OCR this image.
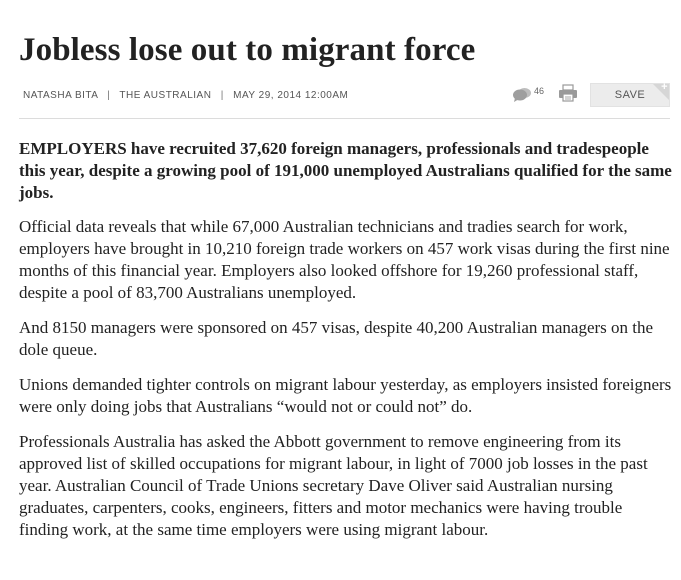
Jobless lose out to migrant force
NATASHA BITA | THE AUSTRALIAN | MAY 29, 2014 12:00AM	46	SAVE
+

EMPLOYERS have recruited 37,620 foreign managers, professionals and tradespeople this year, despite a growing pool of 191,000 unemployed Australians qualified for the same jobs.

Official data reveals that while 67,000 Australian technicians and tradies search for work, employers have brought in 10,210 foreign trade workers on 457 work visas during the first nine months of this financial year. Employers also looked offshore for 19,260 professional staff, despite a pool of 83,700 Australians unemployed.

And 8150 managers were sponsored on 457 visas, despite 40,200 Australian managers on the dole queue.

Unions demanded tighter controls on migrant labour yesterday, as employers insisted foreigners were only doing jobs that Australians “would not or could not” do.

Professionals Australia has asked the Abbott government to remove engineering from its approved list of skilled occupations for migrant labour, in light of 7000 job losses in the past year. Australian Council of Trade Unions secretary Dave Oliver said Australian nursing graduates, carpenters, cooks, engineers, fitters and motor mechanics were having trouble finding work, at the same time employers were using migrant labour.
